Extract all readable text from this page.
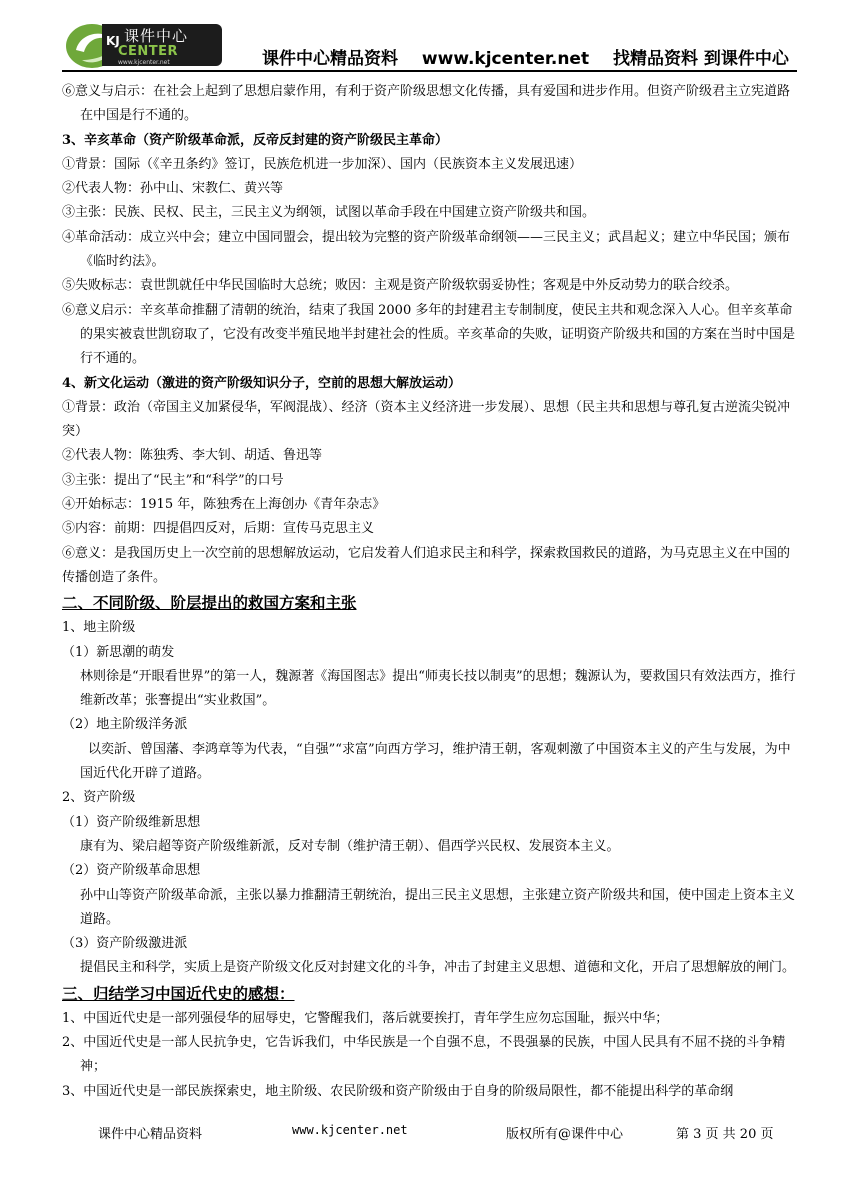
课件中心
KJ
CENTER
www.kjcenter.net	课件中心精品资料 www.kjcenter.net 找精品资料 到课件中心

⑥意义与启示：在社会上起到了思想启蒙作用，有利于资产阶级思想文化传播，具有爱国和进步作用。但资产阶级君主立宪道路在中国是行不通的。

3、辛亥革命（资产阶级革命派，反帝反封建的资产阶级民主革命）

①背景：国际（《辛丑条约》签订，民族危机进一步加深）、国内（民族资本主义发展迅速）

②代表人物：孙中山、宋教仁、黄兴等

③主张：民族、民权、民主，三民主义为纲领，试图以革命手段在中国建立资产阶级共和国。

④革命活动：成立兴中会；建立中国同盟会，提出较为完整的资产阶级革命纲领——三民主义；武昌起义；建立中华民国；颁布《临时约法》。

⑤失败标志：袁世凯就任中华民国临时大总统；败因：主观是资产阶级软弱妥协性；客观是中外反动势力的联合绞杀。

⑥意义启示：辛亥革命推翻了清朝的统治，结束了我国 2000 多年的封建君主专制制度，使民主共和观念深入人心。但辛亥革命的果实被袁世凯窃取了，它没有改变半殖民地半封建社会的性质。辛亥革命的失败，证明资产阶级共和国的方案在当时中国是行不通的。

4、新文化运动（激进的资产阶级知识分子，空前的思想大解放运动）

①背景：政治（帝国主义加紧侵华，军阀混战）、经济（资本主义经济进一步发展）、思想（民主共和思想与尊孔复古逆流尖锐冲突）

②代表人物：陈独秀、李大钊、胡适、鲁迅等

③主张：提出了“民主”和“科学”的口号

④开始标志：1915 年，陈独秀在上海创办《青年杂志》

⑤内容：前期：四提倡四反对，后期：宣传马克思主义

⑥意义：是我国历史上一次空前的思想解放运动，它启发着人们追求民主和科学，探索救国救民的道路，为马克思主义在中国的传播创造了条件。

二、不同阶级、阶层提出的救国方案和主张

1、地主阶级

（1）新思潮的萌发

林则徐是“开眼看世界”的第一人，魏源著《海国图志》提出“师夷长技以制夷”的思想；魏源认为，要救国只有效法西方，推行维新改革；张謇提出“实业救国”。

（2）地主阶级洋务派

以奕訢、曾国藩、李鸿章等为代表，“自强”“求富”向西方学习，维护清王朝，客观刺激了中国资本主义的产生与发展，为中国近代化开辟了道路。

2、资产阶级

（1）资产阶级维新思想

康有为、梁启超等资产阶级维新派，反对专制（维护清王朝）、倡西学兴民权、发展资本主义。

（2）资产阶级革命思想

孙中山等资产阶级革命派，主张以暴力推翻清王朝统治，提出三民主义思想，主张建立资产阶级共和国，使中国走上资本主义道路。

（3）资产阶级激进派

提倡民主和科学，实质上是资产阶级文化反对封建文化的斗争，冲击了封建主义思想、道德和文化，开启了思想解放的闸门。

三、归结学习中国近代史的感想：

1、中国近代史是一部列强侵华的屈辱史，它警醒我们，落后就要挨打，青年学生应勿忘国耻，振兴中华；

2、中国近代史是一部人民抗争史，它告诉我们，中华民族是一个自强不息，不畏强暴的民族，中国人民具有不屈不挠的斗争精神；

3、中国近代史是一部民族探索史，地主阶级、农民阶级和资产阶级由于自身的阶级局限性，都不能提出科学的革命纲

课件中心精品资料	www.kjcenter.net	版权所有@课件中心	第 3 页 共 20 页
